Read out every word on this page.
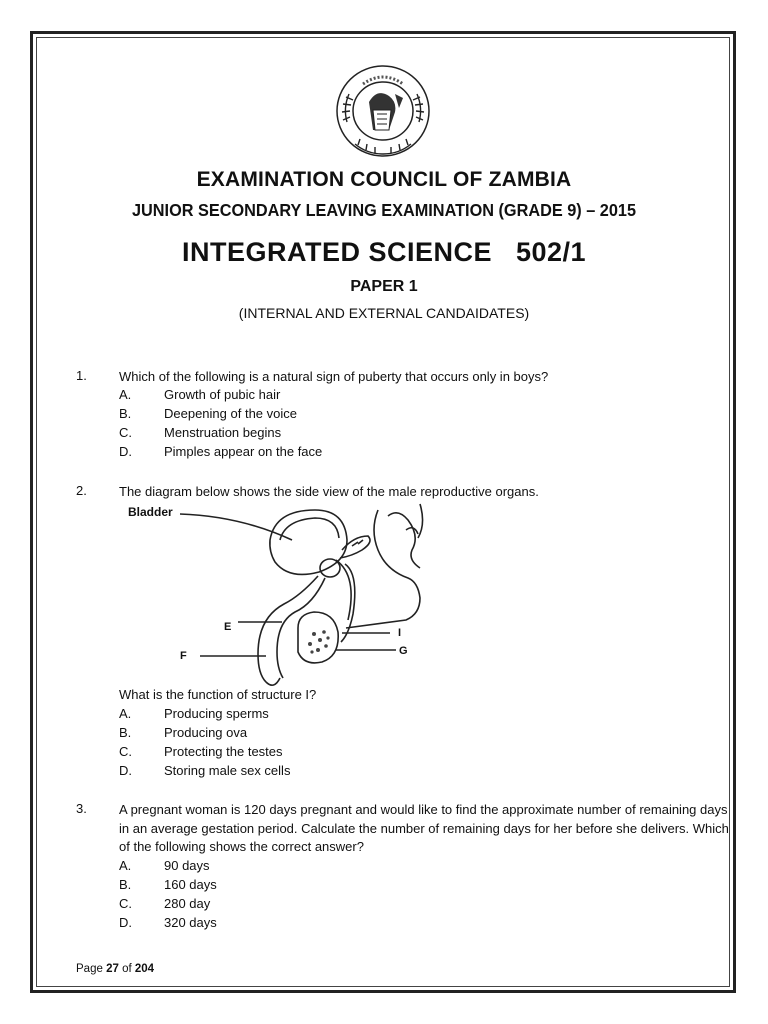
EXAMINATION COUNCIL OF ZAMBIA
JUNIOR SECONDARY LEAVING EXAMINATION (GRADE 9) – 2015
INTEGRATED SCIENCE   502/1
PAPER 1
(INTERNAL AND EXTERNAL CANDAIDATES)
1. Which of the following is a natural sign of puberty that occurs only in boys?
A.	Growth of pubic hair
B.	Deepening of the voice
C. Menstruation begins
D. Pimples appear on the face
2. The diagram below shows the side view of the male reproductive organs.
Bladder
E
F
I
G
What is the function of structure I?
A.	Producing sperms
B.	Producing ova
C. Protecting the testes
D. Storing male sex cells
3. A pregnant woman is 120 days pregnant and would like to find the approximate number of remaining days in an average gestation period. Calculate the number of remaining days for her before she delivers. Which of the following shows the correct answer?
A.	90 days
B.	160 days
C. 280 day
D. 320 days
Page 27 of 204
